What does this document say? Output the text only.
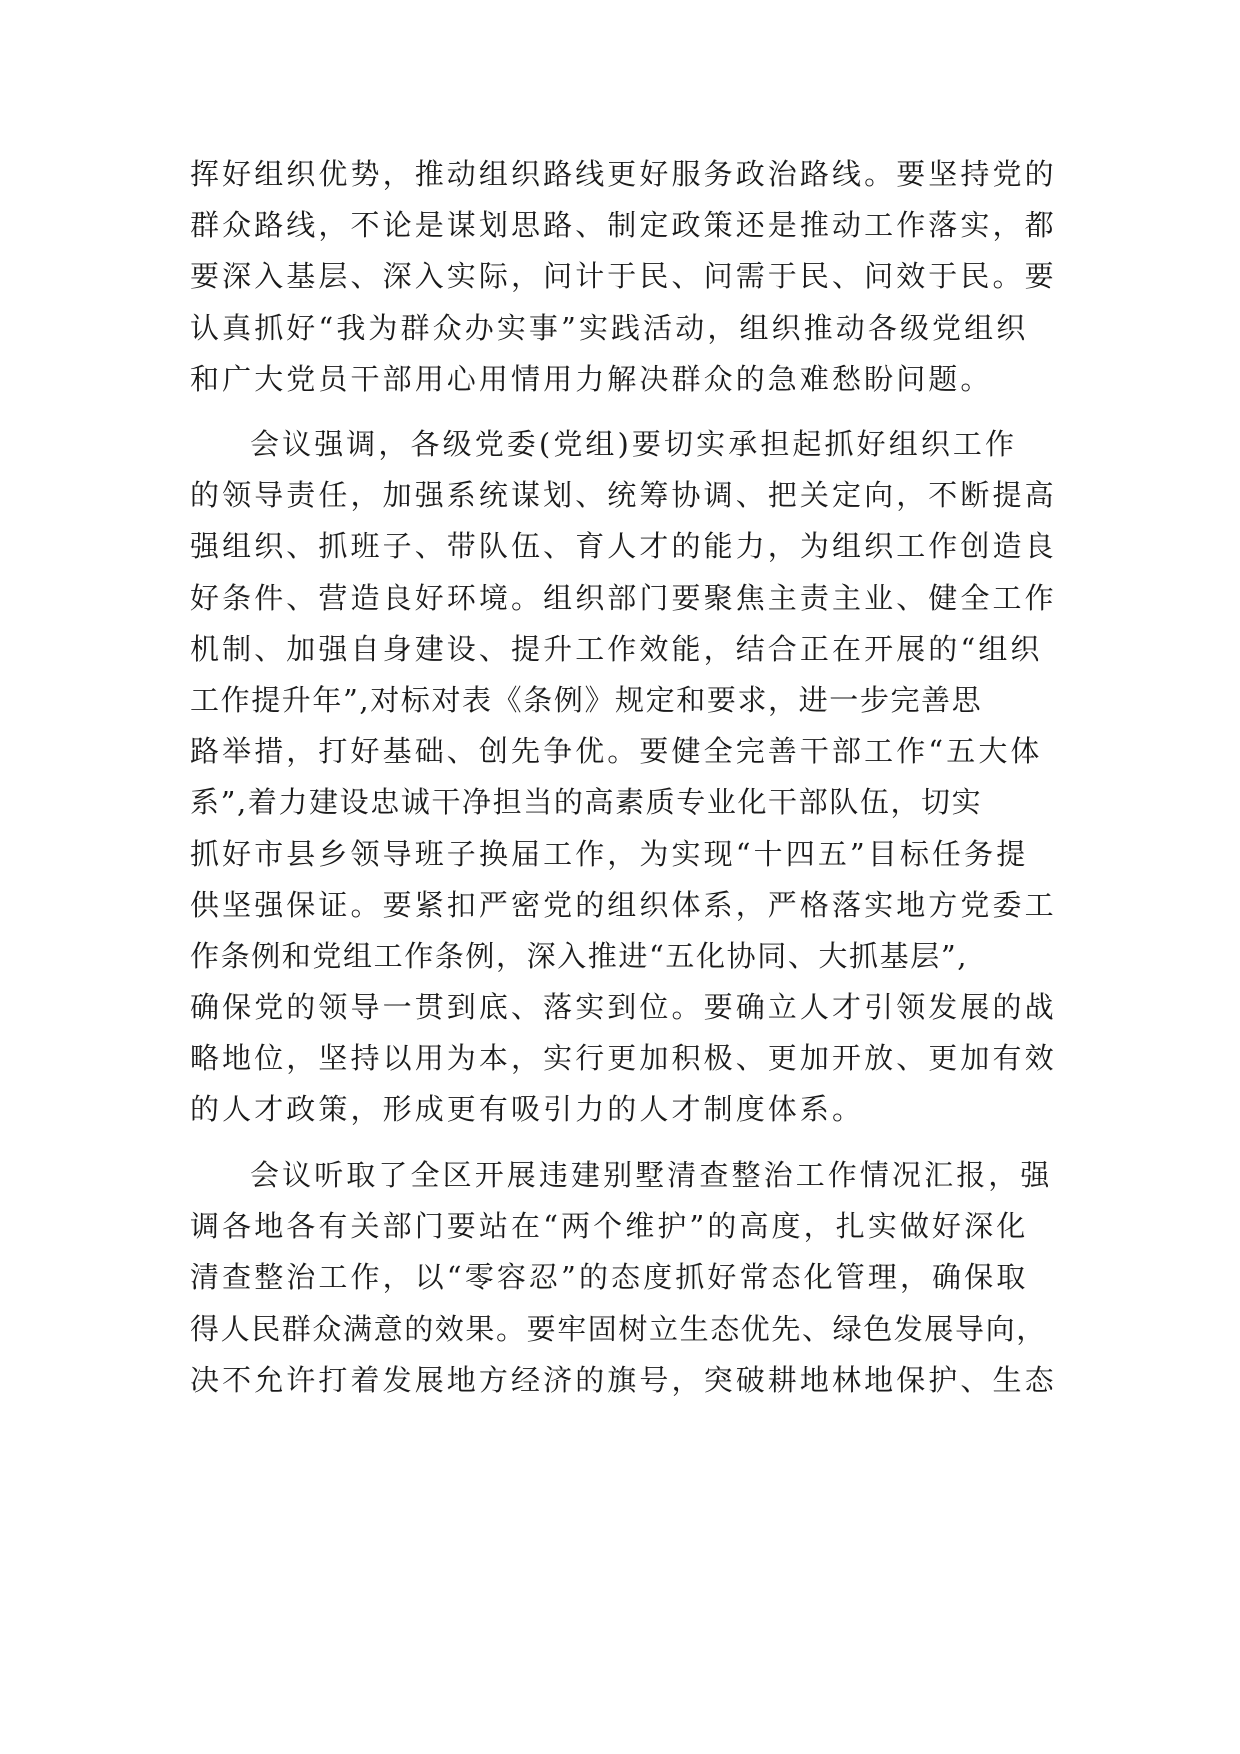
挥好组织优势，推动组织路线更好服务政治路线。要坚持党的
群众路线，不论是谋划思路、制定政策还是推动工作落实，都
要深入基层、深入实际，问计于民、问需于民、问效于民。要
认真抓好“我为群众办实事”实践活动，组织推动各级党组织
和广大党员干部用心用情用力解决群众的急难愁盼问题。
会议强调，各级党委(党组)要切实承担起抓好组织工作
的领导责任，加强系统谋划、统筹协调、把关定向，不断提高
强组织、抓班子、带队伍、育人才的能力，为组织工作创造良
好条件、营造良好环境。组织部门要聚焦主责主业、健全工作
机制、加强自身建设、提升工作效能，结合正在开展的“组织
工作提升年”,对标对表《条例》规定和要求，进一步完善思
路举措，打好基础、创先争优。要健全完善干部工作“五大体
系”,着力建设忠诚干净担当的高素质专业化干部队伍，切实
抓好市县乡领导班子换届工作，为实现“十四五”目标任务提
供坚强保证。要紧扣严密党的组织体系，严格落实地方党委工
作条例和党组工作条例，深入推进“五化协同、大抓基层”,
确保党的领导一贯到底、落实到位。要确立人才引领发展的战
略地位，坚持以用为本，实行更加积极、更加开放、更加有效
的人才政策，形成更有吸引力的人才制度体系。
会议听取了全区开展违建别墅清查整治工作情况汇报，强
调各地各有关部门要站在“两个维护”的高度，扎实做好深化
清查整治工作，以“零容忍”的态度抓好常态化管理，确保取
得人民群众满意的效果。要牢固树立生态优先、绿色发展导向，
决不允许打着发展地方经济的旗号，突破耕地林地保护、生态
